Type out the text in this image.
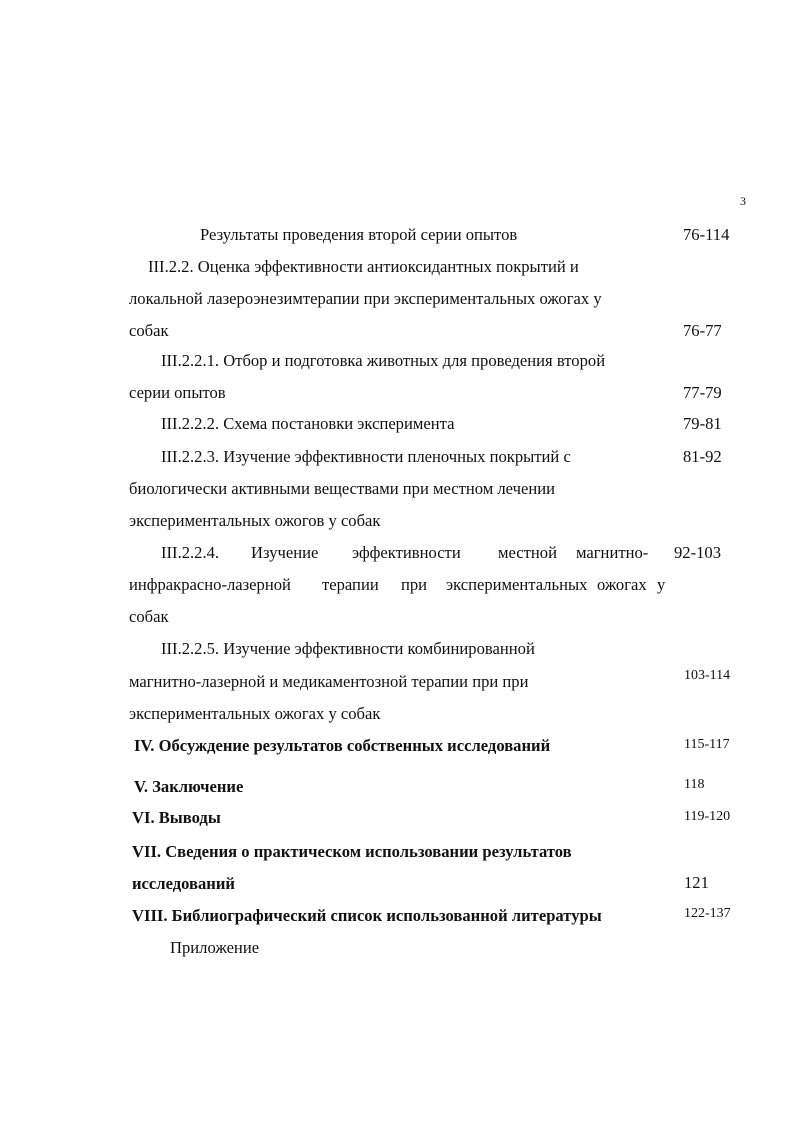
3
Результаты проведения второй серии опытов	76-114
III.2.2. Оценка эффективности антиоксидантных покрытий и
локальной лазероэнезимтерапии при экспериментальных ожогах у
собак	76-77
III.2.2.1. Отбор и подготовка животных для проведения второй
серии опытов	77-79
III.2.2.2. Схема постановки эксперимента	79-81
III.2.2.3. Изучение эффективности пленочных покрытий с	81-92
биологически активными веществами при местном лечении
экспериментальных ожогов у собак
III.2.2.4. Изучение эффективности местной магнитно- 92-103
инфракрасно-лазерной терапии при экспериментальных ожогах у
собак
III.2.2.5. Изучение эффективности комбинированной
магнитно-лазерной и медикаментозной терапии при при	103-114
экспериментальных ожогах у собак
IV. Обсуждение результатов собственных исследований	115-117
V. Заключение	118
VI. Выводы	119-120
VII. Сведения о практическом использовании результатов
исследований	121
VIII. Библиографический список использованной литературы	122-137
Приложение
